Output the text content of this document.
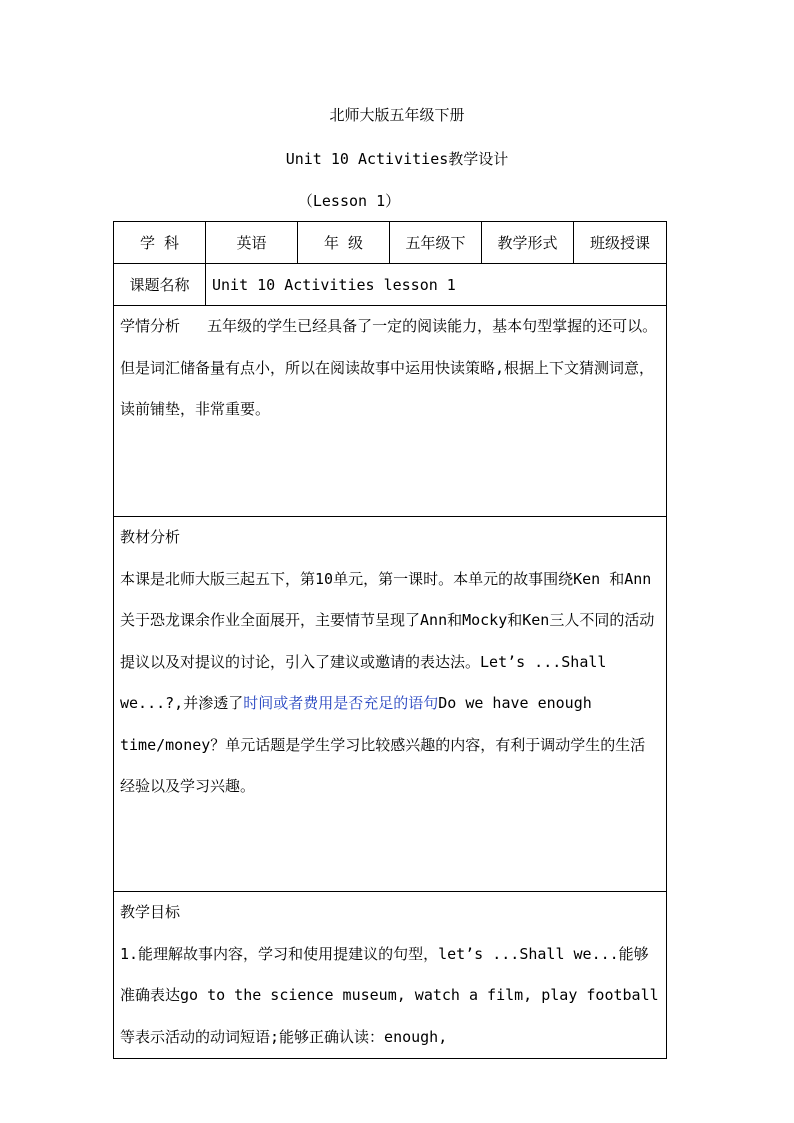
北师大版五年级下册
Unit 10 Activities教学设计
（Lesson 1）
学 科	英语	年 级	五年级下	教学形式	班级授课
课题名称	Unit 10 Activities lesson 1				
学情分析 五年级的学生已经具备了一定的阅读能力，基本句型掌握的还可以。但是词汇储备量有点小，所以在阅读故事中运用快读策略,根据上下文猜测词意，读前铺垫，非常重要。					

教材分析
本课是北师大版三起五下，第10单元，第一课时。本单元的故事围绕Ken 和Ann关于恐龙课余作业全面展开，主要情节呈现了Ann和Mocky和Ken三人不同的活动提议以及对提议的讨论，引入了建议或邀请的表达法。Let’s ...Shall we...?,并渗透了时间或者费用是否充足的语句Do we have enough time/money？单元话题是学生学习比较感兴趣的内容，有利于调动学生的生活经验以及学习兴趣。					

教学目标
1.能理解故事内容，学习和使用提建议的句型，let’s ...Shall we...能够准确表达go to the science museum, watch a film, play football等表示活动的动词短语;能够正确认读：enough,					
